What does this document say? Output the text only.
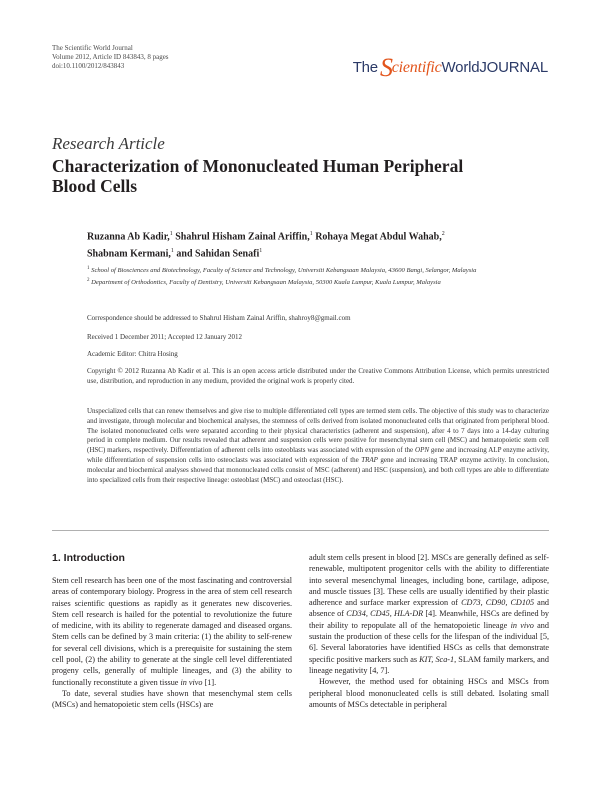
The Scientific World Journal
Volume 2012, Article ID 843843, 8 pages
doi:10.1100/2012/843843	TheScientificWorldJOURNAL
Research Article
Characterization of Mononucleated Human Peripheral Blood Cells
Ruzanna Ab Kadir,$^1$ Shahrul Hisham Zainal Ariffin,$^1$ Rohaya Megat Abdul Wahab,$^2$
Shabnam Kermani,$^1$ and Sahidan Senafi$^1$
$^1$ School of Biosciences and Biotechnology, Faculty of Science and Technology, Universiti Kebangsaan Malaysia, 43600 Bangi, Selangor, Malaysia
$^2$ Department of Orthodontics, Faculty of Dentistry, Universiti Kebangsaan Malaysia, 50300 Kuala Lumpur, Kuala Lumpur, Malaysia
Correspondence should be addressed to Shahrul Hisham Zainal Ariffin, shahroy8@gmail.com
Received 1 December 2011; Accepted 12 January 2012
Academic Editor: Chitra Hosing
Copyright © 2012 Ruzanna Ab Kadir et al. This is an open access article distributed under the Creative Commons Attribution License, which permits unrestricted use, distribution, and reproduction in any medium, provided the original work is properly cited.
Unspecialized cells that can renew themselves and give rise to multiple differentiated cell types are termed stem cells. The objective of this study was to characterize and investigate, through molecular and biochemical analyses, the stemness of cells derived from isolated mononucleated cells that originated from peripheral blood. The isolated mononucleated cells were separated according to their physical characteristics (adherent and suspension), after 4 to 7 days into a 14-day culturing period in complete medium. Our results revealed that adherent and suspension cells were positive for mesenchymal stem cell (MSC) and hematopoietic stem cell (HSC) markers, respectively. Differentiation of adherent cells into osteoblasts was associated with expression of the OPN gene and increasing ALP enzyme activity, while differentiation of suspension cells into osteoclasts was associated with expression of the TRAP gene and increasing TRAP enzyme activity. In conclusion, molecular and biochemical analyses showed that mononucleated cells consist of MSC (adherent) and HSC (suspension), and both cell types are able to differentiate into specialized cells from their respective lineage: osteoblast (MSC) and osteoclast (HSC).
1. Introduction

Stem cell research has been one of the most fascinating and controversial areas of contemporary biology. Progress in the area of stem cell research raises scientific questions as rapidly as it generates new discoveries. Stem cell research is hailed for the potential to revolutionize the future of medicine, with its ability to regenerate damaged and diseased organs. Stem cells can be defined by 3 main criteria: (1) the ability to self-renew for several cell divisions, which is a prerequisite for sustaining the stem cell pool, (2) the ability to generate at the single cell level differentiated progeny cells, generally of multiple lineages, and (3) the ability to functionally reconstitute a given tissue in vivo [1].

To date, several studies have shown that mesenchymal stem cells (MSCs) and hematopoietic stem cells (HSCs) are

adult stem cells present in blood [2]. MSCs are generally defined as self-renewable, multipotent progenitor cells with the ability to differentiate into several mesenchymal lineages, including bone, cartilage, adipose, and muscle tissues [3]. These cells are usually identified by their plastic adherence and surface marker expression of CD73, CD90, CD105 and absence of CD34, CD45, HLA-DR [4]. Meanwhile, HSCs are defined by their ability to repopulate all of the hematopoietic lineage in vivo and sustain the production of these cells for the lifespan of the individual [5, 6]. Several laboratories have identified HSCs as cells that demonstrate specific positive markers such as KIT, Sca-1, SLAM family markers, and lineage negativity [4, 7].

However, the method used for obtaining HSCs and MSCs from peripheral blood mononucleated cells is still debated. Isolating small amounts of MSCs detectable in peripheral
